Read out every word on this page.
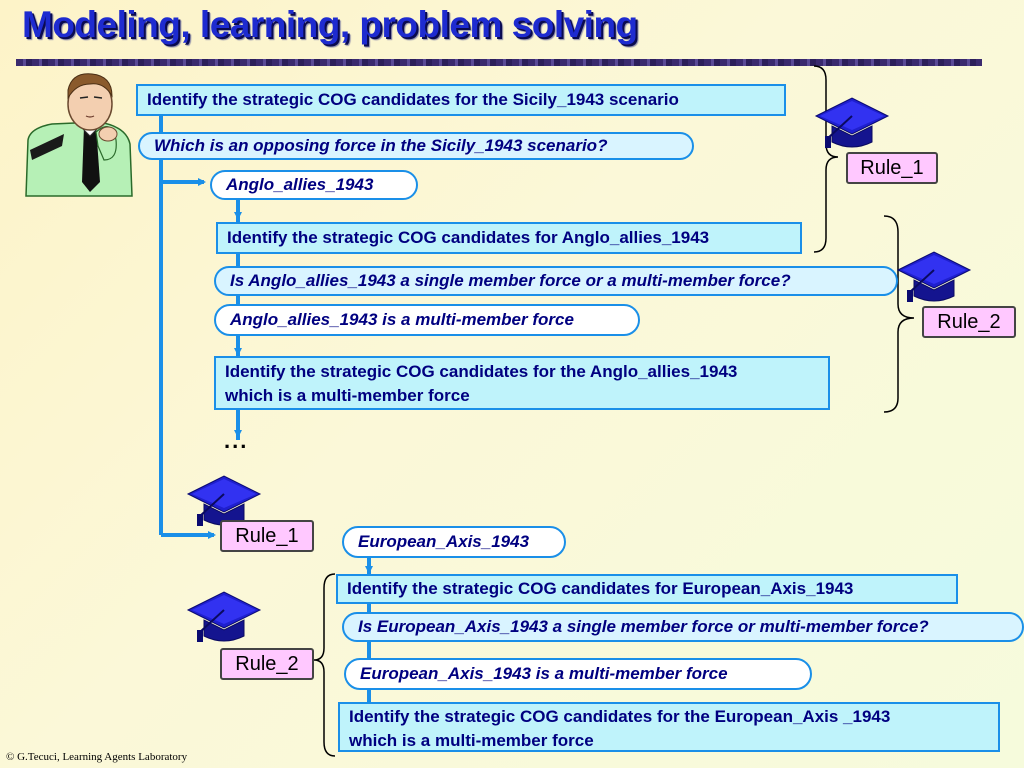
Modeling, learning, problem solving
Identify the strategic COG candidates for the Sicily_1943 scenario
Which is an opposing force in the Sicily_1943 scenario?
Anglo_allies_1943
Identify the strategic COG candidates for Anglo_allies_1943
Is Anglo_allies_1943 a single member force or a multi-member force?
Anglo_allies_1943 is a multi-member force
Identify the strategic COG candidates for the Anglo_allies_1943
which is a multi-member force
...
Rule_1
Rule_2
Rule_1	European_Axis_1943
Rule_2
Identify the strategic COG candidates for European_Axis_1943
Is European_Axis_1943 a single member force or multi-member force?
European_Axis_1943 is a multi-member force
Identify the strategic COG candidates for the European_Axis _1943
which is a multi-member force
© G.Tecuci, Learning Agents Laboratory
